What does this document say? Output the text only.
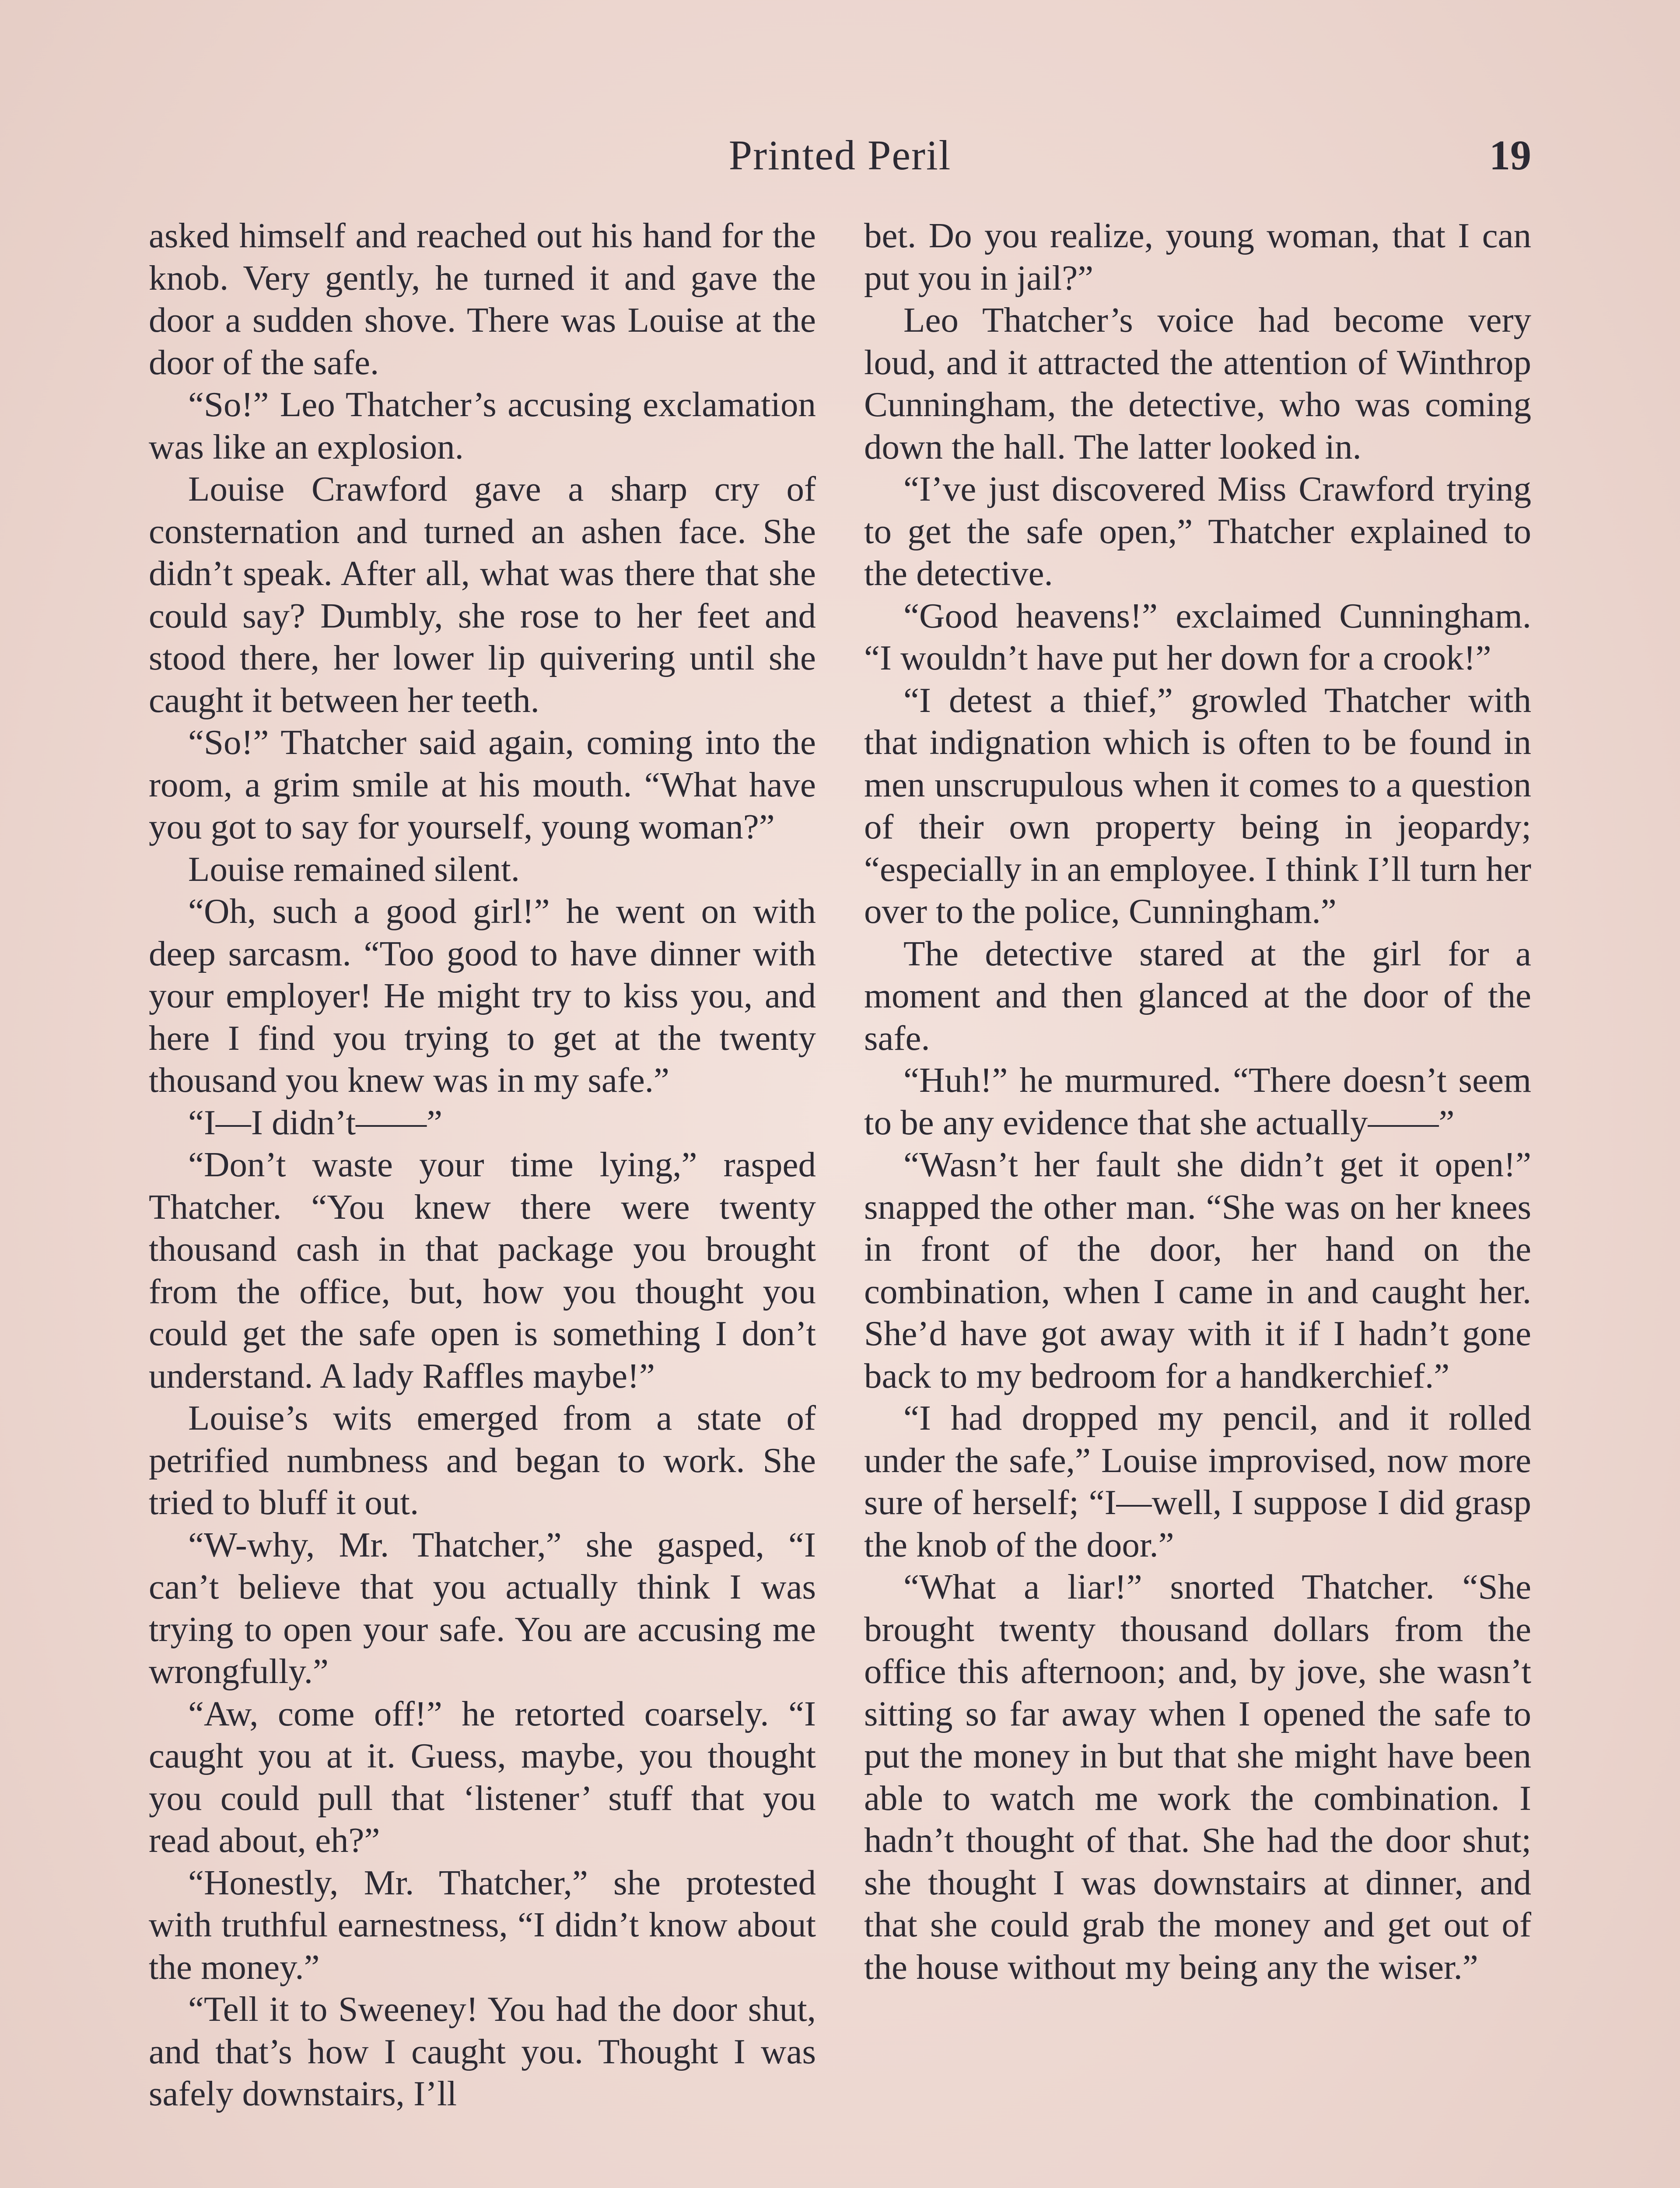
Printed Peril	19

asked himself and reached out his hand for the knob. Very gently, he turned it and gave the door a sudden shove. There was Louise at the door of the safe.

“So!” Leo Thatcher’s accusing exclamation was like an explosion.

Louise Crawford gave a sharp cry of consternation and turned an ashen face. She didn’t speak. After all, what was there that she could say? Dumbly, she rose to her feet and stood there, her lower lip quivering until she caught it between her teeth.

“So!” Thatcher said again, coming into the room, a grim smile at his mouth. “What have you got to say for yourself, young woman?”

Louise remained silent.

“Oh, such a good girl!” he went on with deep sarcasm. “Too good to have dinner with your employer! He might try to kiss you, and here I find you trying to get at the twenty thousand you knew was in my safe.”

“I—I didn’t——”

“Don’t waste your time lying,” rasped Thatcher. “You knew there were twenty thousand cash in that package you brought from the office, but, how you thought you could get the safe open is something I don’t understand. A lady Raffles maybe!”

Louise’s wits emerged from a state of petrified numbness and began to work. She tried to bluff it out.

“W-why, Mr. Thatcher,” she gasped, “I can’t believe that you actually think I was trying to open your safe. You are accusing me wrongfully.”

“Aw, come off!” he retorted coarsely. “I caught you at it. Guess, maybe, you thought you could pull that ‘listener’ stuff that you read about, eh?”

“Honestly, Mr. Thatcher,” she protested with truthful earnestness, “I didn’t know about the money.”

“Tell it to Sweeney! You had the door shut, and that’s how I caught you. Thought I was safely downstairs, I’ll

bet. Do you realize, young woman, that I can put you in jail?”

Leo Thatcher’s voice had become very loud, and it attracted the attention of Winthrop Cunningham, the detective, who was coming down the hall. The latter looked in.

“I’ve just discovered Miss Crawford trying to get the safe open,” Thatcher explained to the detective.

“Good heavens!” exclaimed Cunningham. “I wouldn’t have put her down for a crook!”

“I detest a thief,” growled Thatcher with that indignation which is often to be found in men unscrupulous when it comes to a question of their own property being in jeopardy; “especially in an employee. I think I’ll turn her over to the police, Cunningham.”

The detective stared at the girl for a moment and then glanced at the door of the safe.

“Huh!” he murmured. “There doesn’t seem to be any evidence that she actually——”

“Wasn’t her fault she didn’t get it open!” snapped the other man. “She was on her knees in front of the door, her hand on the combination, when I came in and caught her. She’d have got away with it if I hadn’t gone back to my bedroom for a handkerchief.”

“I had dropped my pencil, and it rolled under the safe,” Louise improvised, now more sure of herself; “I—well, I suppose I did grasp the knob of the door.”

“What a liar!” snorted Thatcher. “She brought twenty thousand dollars from the office this afternoon; and, by jove, she wasn’t sitting so far away when I opened the safe to put the money in but that she might have been able to watch me work the combination. I hadn’t thought of that. She had the door shut; she thought I was downstairs at dinner, and that she could grab the money and get out of the house without my being any the wiser.”
